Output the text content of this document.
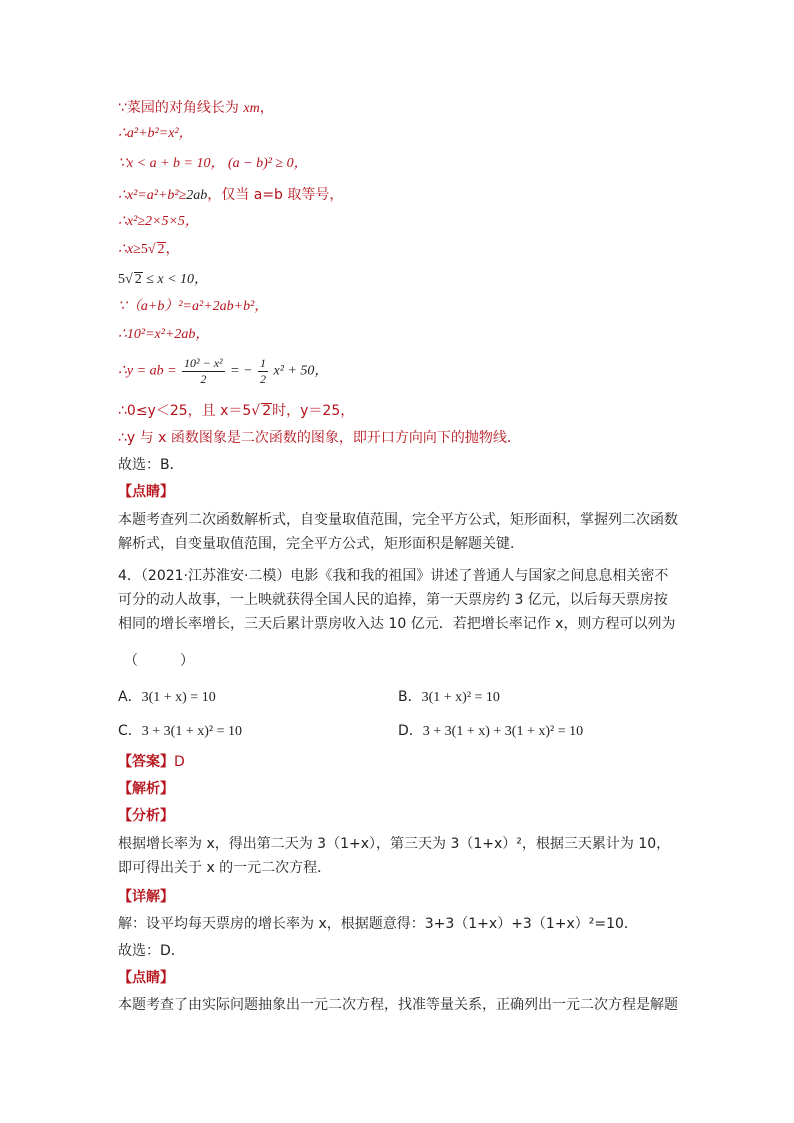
∵菜园的对角线长为 xm，
∴a²+b²=x²，
∵x < a + b = 10， (a − b)² ≥ 0，
∴x²=a²+b²≥2ab，仅当 a=b 取等号，
∴x²≥2×5×5，
∴x≥5√ 2，
5√ 2 ≤ x < 10，
∵（a+b）²=a²+2ab+b²，
∴10²=x²+2ab，
∴y = ab = $\frac{\text{10² − x²}}{2}$ = − $\frac{1}{2} x^2 + 50$，
∴0≤y＜25，且 x＝5√ 2时，y＝25，
∴y 与 x 函数图象是二次函数的图象，即开口方向向下的抛物线．
故选：B．
【点睛】
本题考查列二次函数解析式，自变量取值范围，完全平方公式，矩形面积，掌握列二次函数解析式，自变量取值范围，完全平方公式，矩形面积是解题关键．
4．（2021·江苏淮安·二模）电影《我和我的祖国》讲述了普通人与国家之间息息相关密不可分的动人故事，一上映就获得全国人民的追捧，第一天票房约 3 亿元，以后每天票房按相同的增长率增长，三天后累计票房收入达 10 亿元．若把增长率记作 x，则方程可以列为
（　　　）
A．3(1 + x) = 10	B．3(1 + x)² = 10
C．3 + 3(1 + x)² = 10	D．3 + 3(1 + x) + 3(1 + x)² = 10
【答案】D
【解析】
【分析】
根据增长率为 x，得出第二天为 3（1+x），第三天为 3（1+x）²，根据三天累计为 10，即可得出关于 x 的一元二次方程．
【详解】
解：设平均每天票房的增长率为 x，根据题意得：3+3（1+x）+3（1+x）²=10．
故选：D．
【点睛】
本题考查了由实际问题抽象出一元二次方程，找准等量关系，正确列出一元二次方程是解题
